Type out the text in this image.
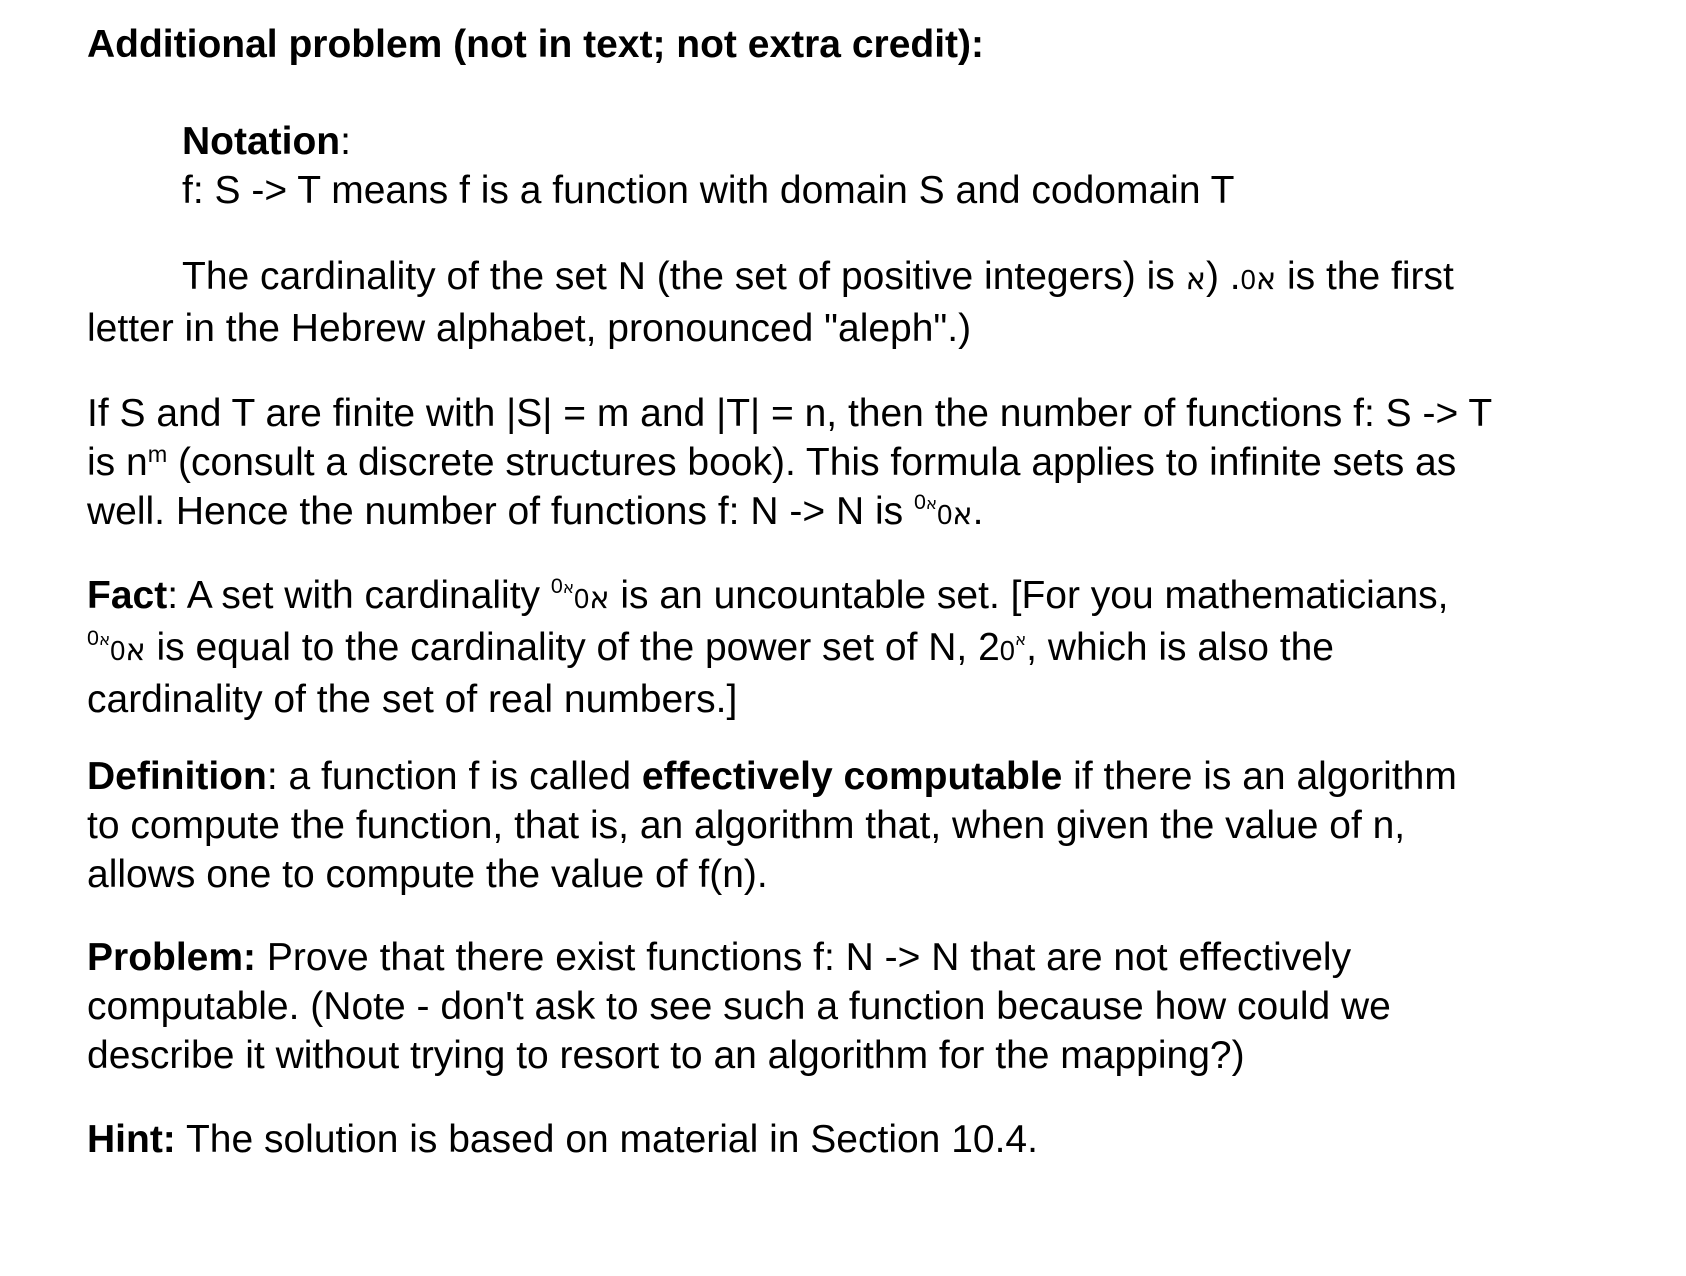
Additional problem (not in text; not extra credit):

Notation:
f: S -> T means f is a function with domain S and codomain T
The cardinality of the set N (the set of positive integers) is א0. (א is the first
letter in the Hebrew alphabet, pronounced "aleph".)
If S and T are finite with |S| = m and |T| = n, then the number of functions f: S -> T
is $n^m$ (consult a discrete structures book). This formula applies to infinite sets as
well. Hence the number of functions f: N -> N is $א0^{א0}$ .
Fact: A set with cardinality $א0^{א0}$ is an uncountable set. [For you mathematicians,
$א0^{א0}$ is equal to the cardinality of the power set of N, 2 $^א$0 , which is also the
cardinality of the set of real numbers.]
Definition: a function f is called effectively computable if there is an algorithm
to compute the function, that is, an algorithm that, when given the value of n,
allows one to compute the value of f(n).
Problem: Prove that there exist functions f: N -> N that are not effectively
computable. (Note - don't ask to see such a function because how could we
describe it without trying to resort to an algorithm for the mapping?)
Hint: The solution is based on material in Section 10.4.
